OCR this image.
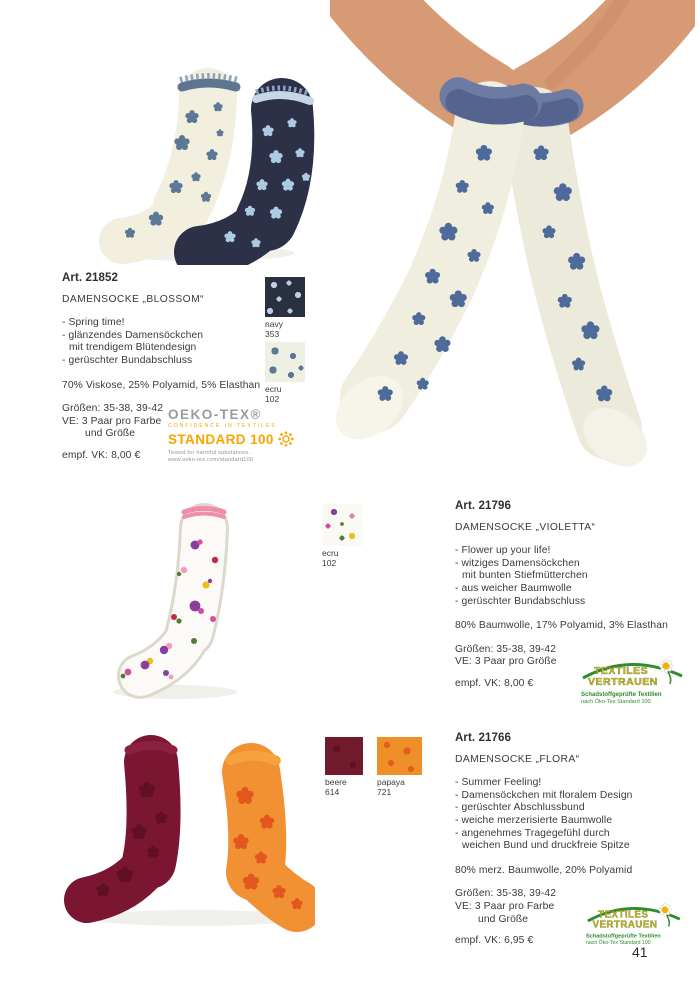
Art. 21852
DAMENSOCKE „BLOSSOM“
- Spring time!
- glänzendes Damensöckchen
mit trendigem Blütendesign
- gerüschter Bundabschluss
70% Viskose, 25% Polyamid, 5% Elasthan
Größen: 35-38, 39-42
VE: 3 Paar pro Farbe
und Größe
empf. VK: 8,00 €
navy
353
ecru
102
OEKO-TEX®
CONFIDENCE IN TEXTILES
STANDARD 100
Tested for harmful substances.
www.oeko-tex.com/standard100
ecru
102
Art. 21796
DAMENSOCKE „VIOLETTA“
- Flower up your life!
- witziges Damensöckchen
mit bunten Stiefmütterchen
- aus weicher Baumwolle
- gerüschter Bundabschluss
80% Baumwolle, 17% Polyamid, 3% Elasthan
Größen: 35-38, 39-42
VE: 3 Paar pro Größe
empf. VK: 8,00 €
TEXTILES
VERTRAUEN
Schadstoffgeprüfte Textilien
nach Öko-Tex Standard 100
beere
614
papaya
721
Art. 21766
DAMENSOCKE „FLORA“
- Summer Feeling!
- Damensöckchen mit floralem Design
- gerüschter Abschlussbund
- weiche merzerisierte Baumwolle
- angenehmes Tragegefühl durch
weichen Bund und druckfreie Spitze
80% merz. Baumwolle, 20% Polyamid
Größen: 35-38, 39-42
VE: 3 Paar pro Farbe
und Größe
empf. VK: 6,95 €
TEXTILES
VERTRAUEN
Schadstoffgeprüfte Textilien
nach Öko-Tex Standard 100
41
